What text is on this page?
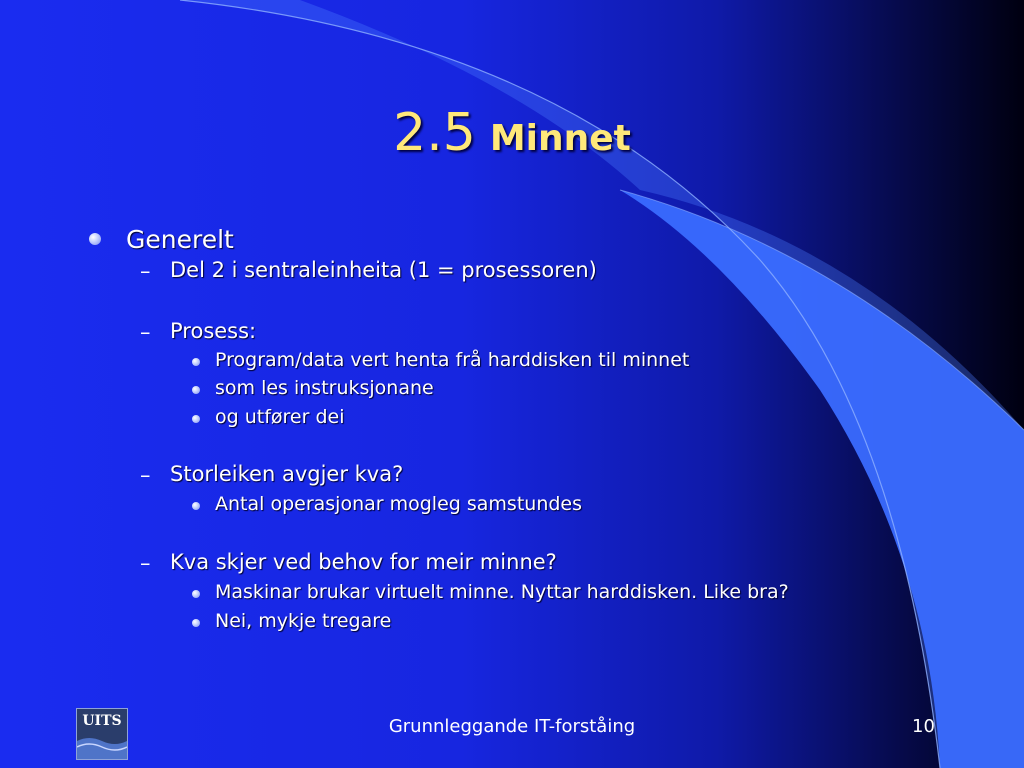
2.5 Minnet
Generelt
– Del 2 i sentraleinheita (1 = prosessoren)
– Prosess:
Program/data vert henta frå harddisken til minnet
som les instruksjonane
og utfører dei
– Storleiken avgjer kva?
Antal operasjonar mogleg samstundes
– Kva skjer ved behov for meir minne?
Maskinar brukar virtuelt minne. Nyttar harddisken. Like bra?
Nei, mykje tregare
UITS	Grunnleggande IT-forståing	10
